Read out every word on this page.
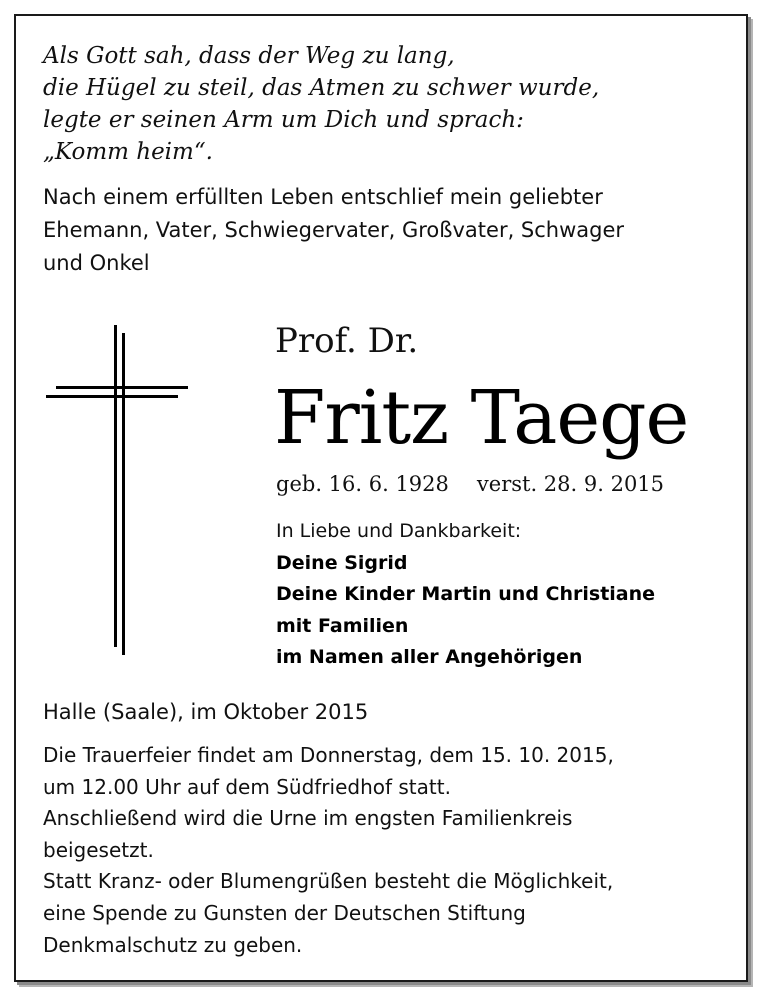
Als Gott sah, dass der Weg zu lang,
die Hügel zu steil, das Atmen zu schwer wurde,
legte er seinen Arm um Dich und sprach:
„Komm heim“.
Nach einem erfüllten Leben entschlief mein geliebter
Ehemann, Vater, Schwiegervater, Großvater, Schwager
und Onkel
Prof. Dr.
Fritz Taege
geb. 16. 6. 1928 verst. 28. 9. 2015
In Liebe und Dankbarkeit:
Deine Sigrid
Deine Kinder Martin und Christiane
mit Familien
im Namen aller Angehörigen
Halle (Saale), im Oktober 2015
Die Trauerfeier findet am Donnerstag, dem 15. 10. 2015,
um 12.00 Uhr auf dem Südfriedhof statt.
Anschließend wird die Urne im engsten Familienkreis
beigesetzt.
Statt Kranz- oder Blumengrüßen besteht die Möglichkeit,
eine Spende zu Gunsten der Deutschen Stiftung
Denkmalschutz zu geben.
